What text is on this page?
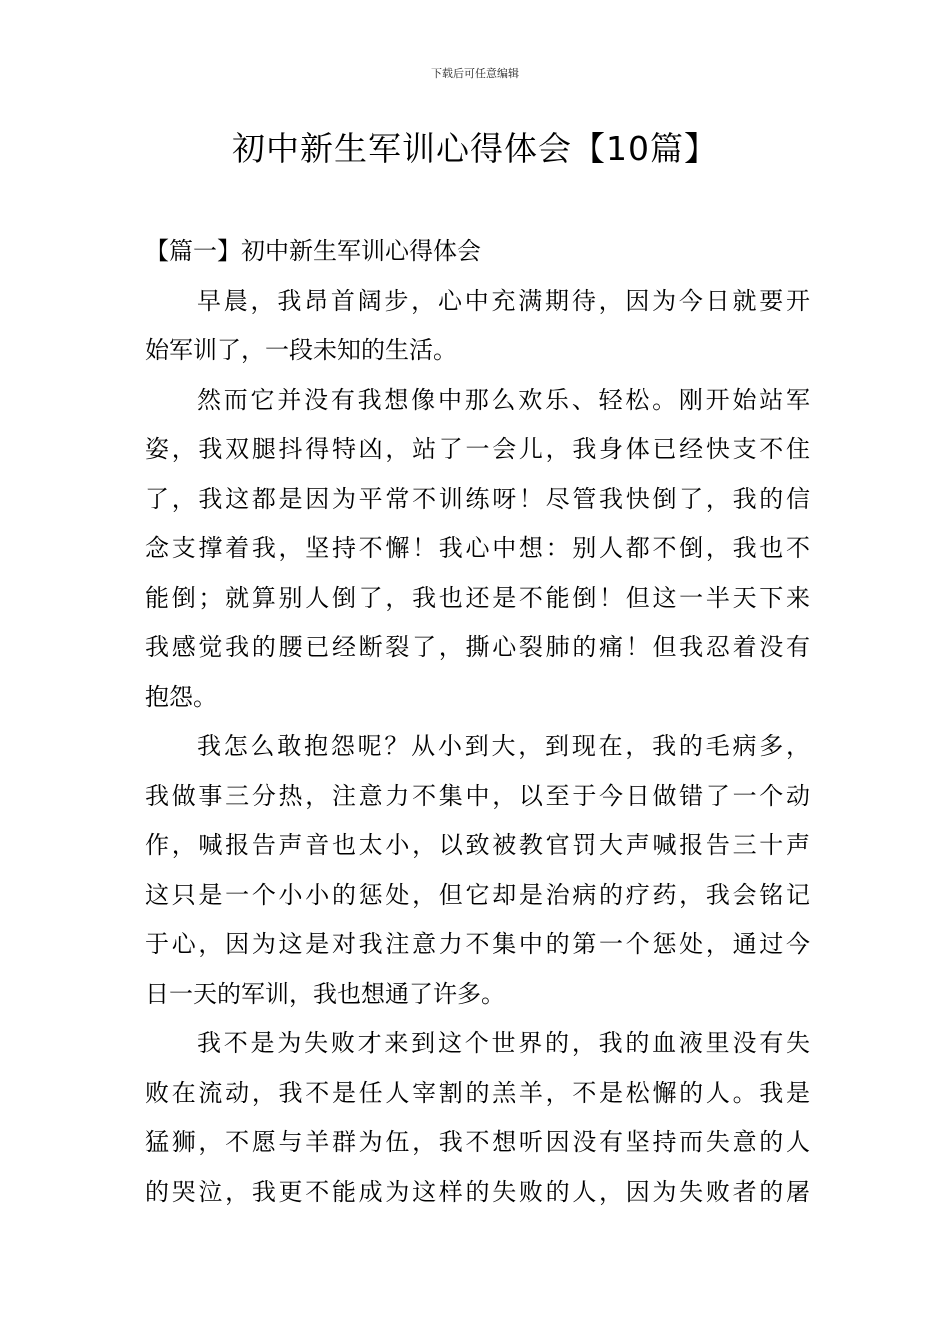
下载后可任意编辑
初中新生军训心得体会【10篇】
【篇一】初中新生军训心得体会
早晨，我昂首阔步，心中充满期待，因为今日就要开
始军训了，一段未知的生活。
然而它并没有我想像中那么欢乐、轻松。刚开始站军
姿，我双腿抖得特凶，站了一会儿，我身体已经快支不住
了，我这都是因为平常不训练呀！尽管我快倒了，我的信
念支撑着我，坚持不懈！我心中想：别人都不倒，我也不
能倒；就算别人倒了，我也还是不能倒！但这一半天下来
我感觉我的腰已经断裂了，撕心裂肺的痛！但我忍着没有
抱怨。
我怎么敢抱怨呢？从小到大，到现在，我的毛病多，
我做事三分热，注意力不集中，以至于今日做错了一个动
作，喊报告声音也太小，以致被教官罚大声喊报告三十声
这只是一个小小的惩处，但它却是治病的疗药，我会铭记
于心，因为这是对我注意力不集中的第一个惩处，通过今
日一天的军训，我也想通了许多。
我不是为失败才来到这个世界的，我的血液里没有失
败在流动，我不是任人宰割的羔羊，不是松懈的人。我是
猛狮，不愿与羊群为伍，我不想听因没有坚持而失意的人
的哭泣，我更不能成为这样的失败的人，因为失败者的屠
